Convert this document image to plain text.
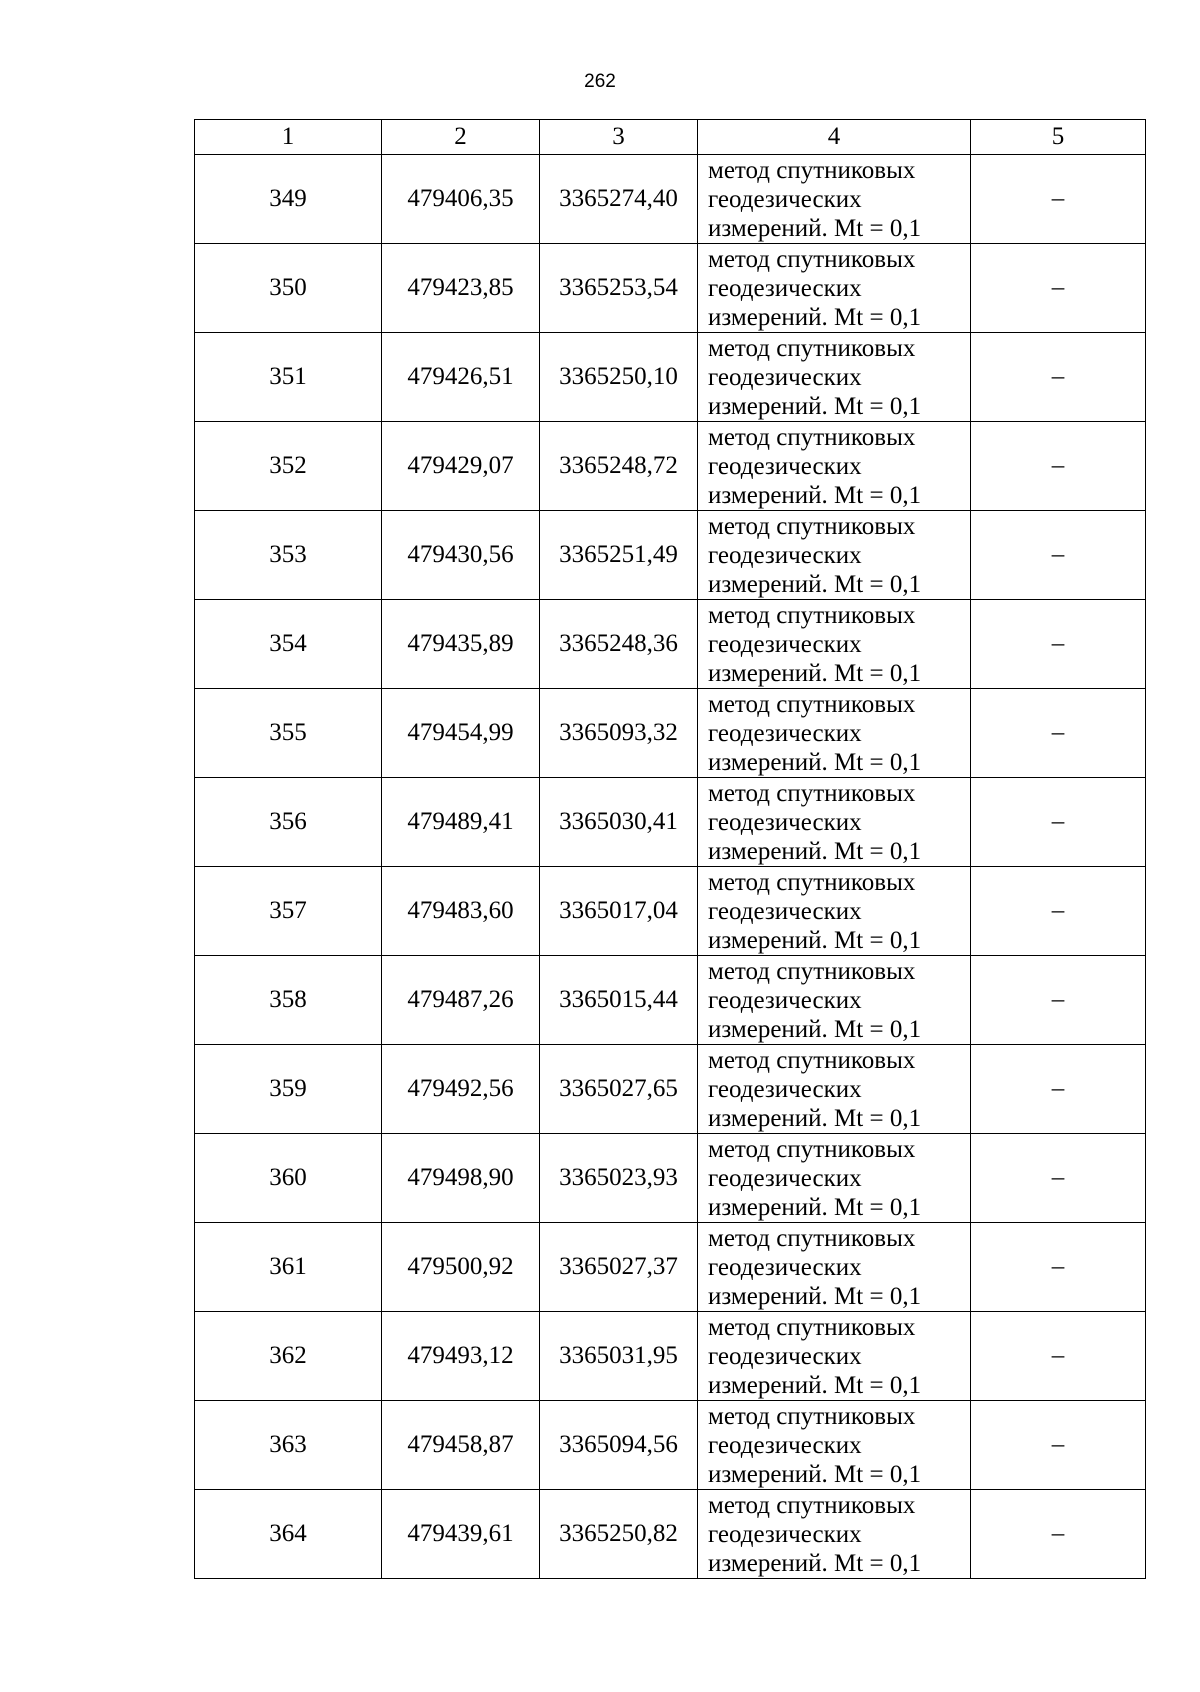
262
1	2	3	4	5
349	479406,35	3365274,40	метод спутниковых
геодезических
измерений. Mt = 0,1	–
350	479423,85	3365253,54	метод спутниковых
геодезических
измерений. Mt = 0,1	–
351	479426,51	3365250,10	метод спутниковых
геодезических
измерений. Mt = 0,1	–
352	479429,07	3365248,72	метод спутниковых
геодезических
измерений. Mt = 0,1	–
353	479430,56	3365251,49	метод спутниковых
геодезических
измерений. Mt = 0,1	–
354	479435,89	3365248,36	метод спутниковых
геодезических
измерений. Mt = 0,1	–
355	479454,99	3365093,32	метод спутниковых
геодезических
измерений. Mt = 0,1	–
356	479489,41	3365030,41	метод спутниковых
геодезических
измерений. Mt = 0,1	–
357	479483,60	3365017,04	метод спутниковых
геодезических
измерений. Mt = 0,1	–
358	479487,26	3365015,44	метод спутниковых
геодезических
измерений. Mt = 0,1	–
359	479492,56	3365027,65	метод спутниковых
геодезических
измерений. Mt = 0,1	–
360	479498,90	3365023,93	метод спутниковых
геодезических
измерений. Mt = 0,1	–
361	479500,92	3365027,37	метод спутниковых
геодезических
измерений. Mt = 0,1	–
362	479493,12	3365031,95	метод спутниковых
геодезических
измерений. Mt = 0,1	–
363	479458,87	3365094,56	метод спутниковых
геодезических
измерений. Mt = 0,1	–
364	479439,61	3365250,82	метод спутниковых
геодезических
измерений. Mt = 0,1	–
